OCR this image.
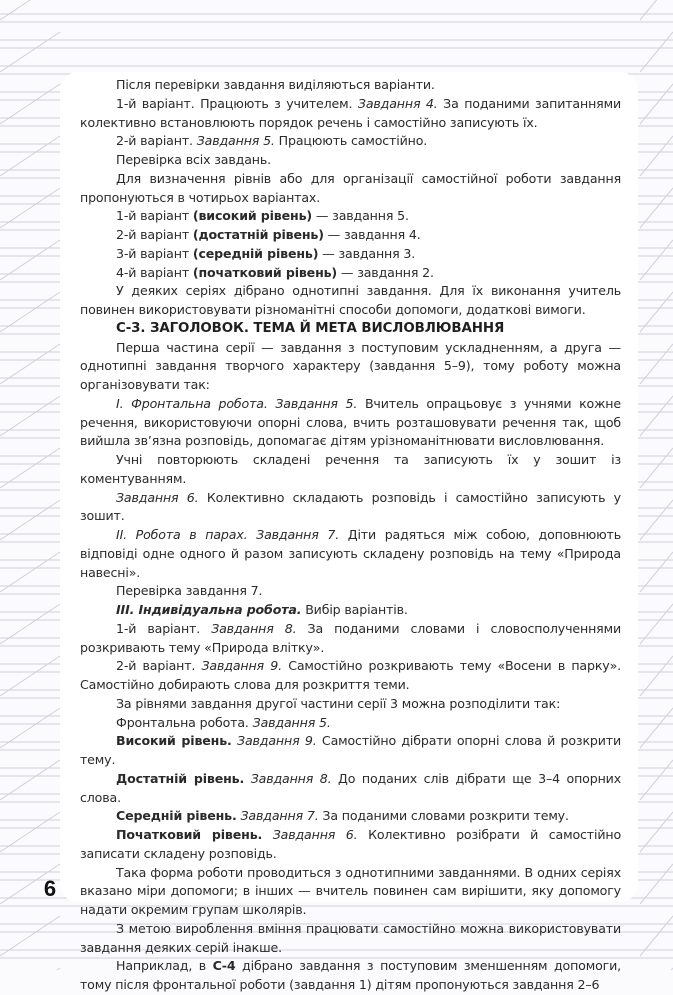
Після перевірки завдання виділяються варіанти.

1-й варіант. Працюють з учителем. Завдання 4. За поданими запитаннями колективно встановлюють порядок речень і самостійно записують їх.

2-й варіант. Завдання 5. Працюють самостійно.

Перевірка всіх завдань.

Для визначення рівнів або для організації самостійної роботи завдання пропонуються в чотирьох варіантах.

1-й варіант (високий рівень) — завдання 5.

2-й варіант (достатній рівень) — завдання 4.

3-й варіант (середній рівень) — завдання 3.

4-й варіант (початковий рівень) — завдання 2.

У деяких серіях дібрано однотипні завдання. Для їх виконання учитель повинен використовувати різноманітні способи допомоги, додаткові вимоги.

С-3. ЗАГОЛОВОК. ТЕМА Й МЕТА ВИСЛОВЛЮВАННЯ

Перша частина серії — завдання з поступовим ускладненням, а друга — однотипні завдання творчого характеру (завдання 5–9), тому роботу можна організовувати так:

І. Фронтальна робота. Завдання 5. Вчитель опрацьовує з учнями кожне речення, використовуючи опорні слова, вчить розташовувати речення так, щоб вийшла зв’язна розповідь, допомагає дітям урізноманітнювати висловлювання.

Учні повторюють складені речення та записують їх у зошит із коментуванням.

Завдання 6. Колективно складають розповідь і самостійно записують у зошит.

ІІ. Робота в парах. Завдання 7. Діти радяться між собою, доповнюють відповіді одне одного й разом записують складену розповідь на тему «Природа навесні».

Перевірка завдання 7.

ІІІ. Індивідуальна робота. Вибір варіантів.

1-й варіант. Завдання 8. За поданими словами і словосполученнями розкривають тему «Природа влітку».

2-й варіант. Завдання 9. Самостійно розкривають тему «Восени в парку». Самостійно добирають слова для розкриття теми.

За рівнями завдання другої частини серії 3 можна розподілити так:

Фронтальна робота. Завдання 5.

Високий рівень. Завдання 9. Самостійно дібрати опорні слова й розкрити тему.

Достатній рівень. Завдання 8. До поданих слів дібрати ще 3–4 опорних слова.

Середній рівень. Завдання 7. За поданими словами розкрити тему.

Початковий рівень. Завдання 6. Колективно розібрати й самостійно записати складену розповідь.

Така форма роботи проводиться з однотипними завданнями. В одних серіях вказано міри допомоги; в інших — вчитель повинен сам вирішити, яку допомогу надати окремим групам школярів.

З метою вироблення вміння працювати самостійно можна використовувати завдання деяких серій інакше.

Наприклад, в С-4 дібрано завдання з поступовим зменшенням допомоги, тому після фронтальної роботи (завдання 1) дітям пропонуються завдання 2–6

6
